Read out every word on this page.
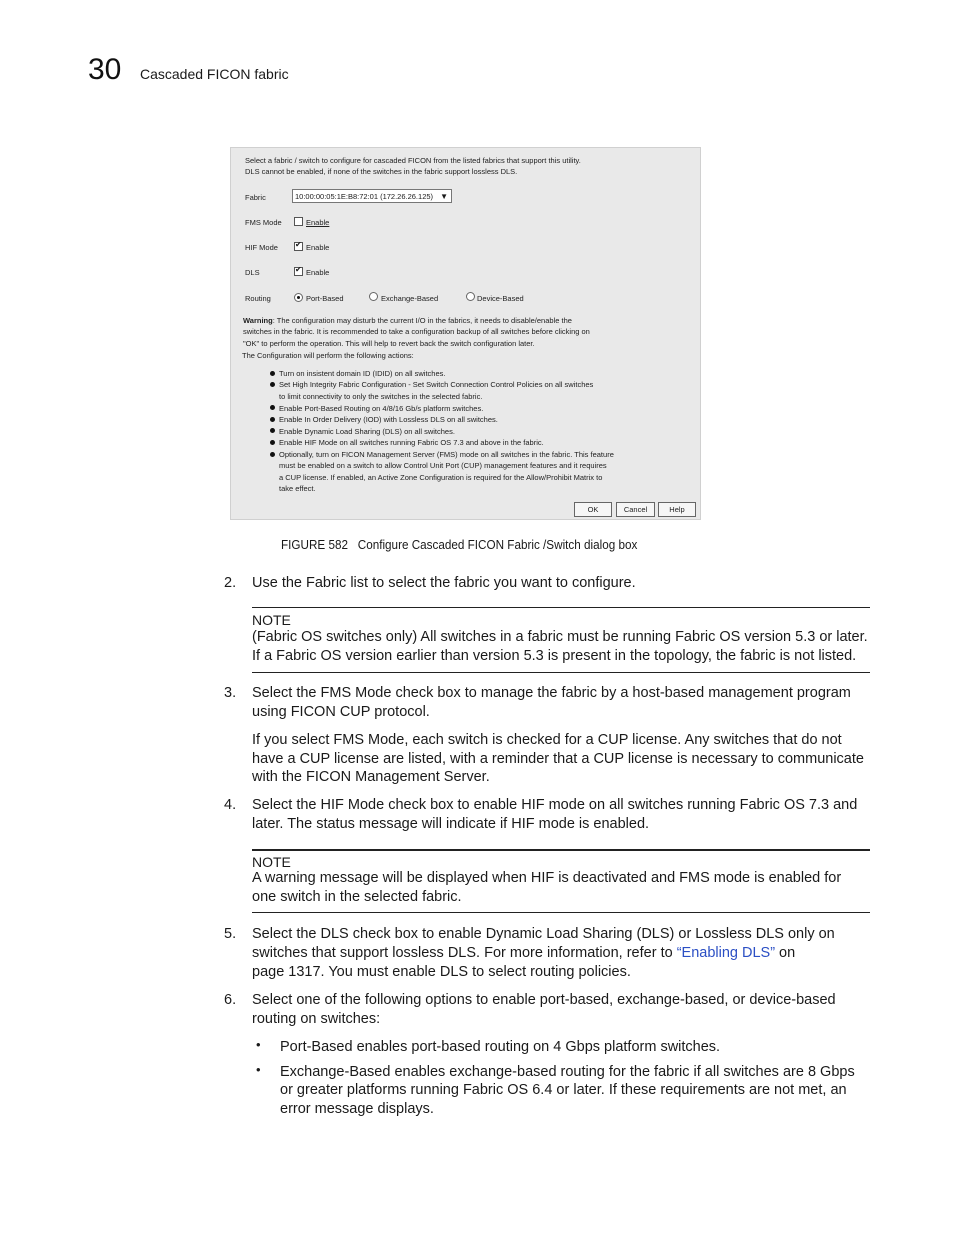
30 Cascaded FICON fabric
Select a fabric / switch to configure for cascaded FICON from the listed fabrics that support this utility.
DLS cannot be enabled, if none of the switches in the fabric support lossless DLS.
Fabric	10:00:00:05:1E:B8:72:01 (172.26.26.125) ▼
FMS Mode	Enable
HIF Mode ✔ Enable
DLS	✔ Enable
Routing	Port-Based	Exchange-Based	Device-Based
Warning: The configuration may disturb the current I/O in the fabrics, it needs to disable/enable the
switches in the fabric. It is recommended to take a configuration backup of all switches before clicking on
"OK" to perform the operation. This will help to revert back the switch configuration later.
The Configuration will perform the following actions:
Turn on insistent domain ID (IDID) on all switches.
Set High Integrity Fabric Configuration - Set Switch Connection Control Policies on all switches
to limit connectivity to only the switches in the selected fabric.
Enable Port-Based Routing on 4/8/16 Gb/s platform switches.
Enable In Order Delivery (IOD) with Lossless DLS on all switches.
Enable Dynamic Load Sharing (DLS) on all switches.
Enable HIF Mode on all switches running Fabric OS 7.3 and above in the fabric.
Optionally, turn on FICON Management Server (FMS) mode on all switches in the fabric. This feature
must be enabled on a switch to allow Control Unit Port (CUP) management features and it requires
a CUP license. If enabled, an Active Zone Configuration is required for the Allow/Prohibit Matrix to
take effect.
OK	Cancel	Help
FIGURE 582 Configure Cascaded FICON Fabric /Switch dialog box
2. Use the Fabric list to select the fabric you want to configure.
NOTE
(Fabric OS switches only) All switches in a fabric must be running Fabric OS version 5.3 or later.
If a Fabric OS version earlier than version 5.3 is present in the topology, the fabric is not listed.
3. Select the FMS Mode check box to manage the fabric by a host-based management program
using FICON CUP protocol.
If you select FMS Mode, each switch is checked for a CUP license. Any switches that do not
have a CUP license are listed, with a reminder that a CUP license is necessary to communicate
with the FICON Management Server.
4. Select the HIF Mode check box to enable HIF mode on all switches running Fabric OS 7.3 and
later. The status message will indicate if HIF mode is enabled.
NOTE
A warning message will be displayed when HIF is deactivated and FMS mode is enabled for
one switch in the selected fabric.
5. Select the DLS check box to enable Dynamic Load Sharing (DLS) or Lossless DLS only on
switches that support lossless DLS. For more information, refer to “Enabling DLS” on
page 1317. You must enable DLS to select routing policies.
6. Select one of the following options to enable port-based, exchange-based, or device-based
routing on switches:
• Port-Based enables port-based routing on 4 Gbps platform switches.
• Exchange-Based enables exchange-based routing for the fabric if all switches are 8 Gbps
or greater platforms running Fabric OS 6.4 or later. If these requirements are not met, an
error message displays.
